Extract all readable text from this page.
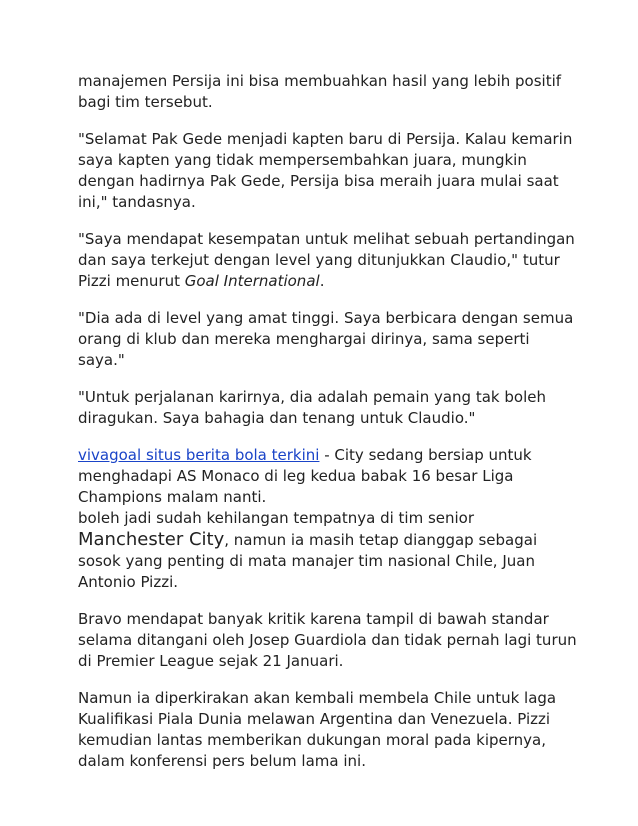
manajemen Persija ini bisa membuahkan hasil yang lebih positif bagi tim tersebut.

"Selamat Pak Gede menjadi kapten baru di Persija. Kalau kemarin saya kapten yang tidak mempersembahkan juara, mungkin dengan hadirnya Pak Gede, Persija bisa meraih juara mulai saat ini," tandasnya.

"Saya mendapat kesempatan untuk melihat sebuah pertandingan dan saya terkejut dengan level yang ditunjukkan Claudio," tutur Pizzi menurut Goal International.

"Dia ada di level yang amat tinggi. Saya berbicara dengan semua orang di klub dan mereka menghargai dirinya, sama seperti saya."

"Untuk perjalanan karirnya, dia adalah pemain yang tak boleh diragukan. Saya bahagia dan tenang untuk Claudio."

vivagoal situs berita bola terkini - City sedang bersiap untuk menghadapi AS Monaco di leg kedua babak 16 besar Liga Champions malam nanti.

boleh jadi sudah kehilangan tempatnya di tim senior Manchester City, namun ia masih tetap dianggap sebagai sosok yang penting di mata manajer tim nasional Chile, Juan Antonio Pizzi.

Bravo mendapat banyak kritik karena tampil di bawah standar selama ditangani oleh Josep Guardiola dan tidak pernah lagi turun di Premier League sejak 21 Januari.

Namun ia diperkirakan akan kembali membela Chile untuk laga Kualifikasi Piala Dunia melawan Argentina dan Venezuela. Pizzi kemudian lantas memberikan dukungan moral pada kipernya, dalam konferensi pers belum lama ini.
